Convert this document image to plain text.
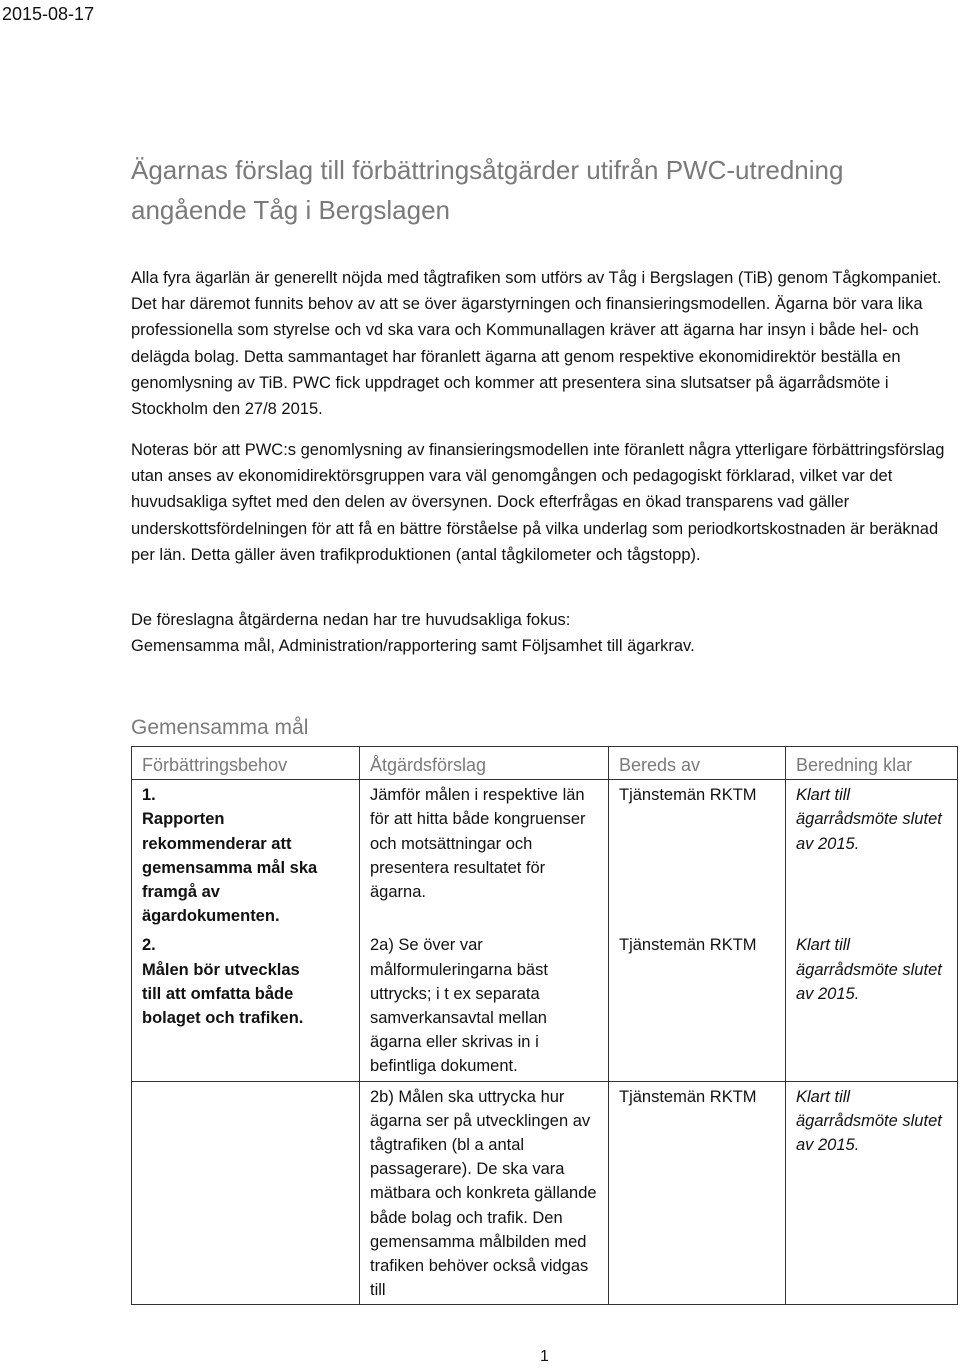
2015-08-17
Ägarnas förslag till förbättringsåtgärder utifrån PWC-utredning angående Tåg i Bergslagen

Alla fyra ägarlän är generellt nöjda med tågtrafiken som utförs av Tåg i Bergslagen (TiB) genom Tågkompaniet. Det har däremot funnits behov av att se över ägarstyrningen och finansieringsmodellen. Ägarna bör vara lika professionella som styrelse och vd ska vara och Kommunallagen kräver att ägarna har insyn i både hel- och delägda bolag. Detta sammantaget har föranlett ägarna att genom respektive ekonomidirektör beställa en genomlysning av TiB. PWC fick uppdraget och kommer att presentera sina slutsatser på ägarrådsmöte i Stockholm den 27/8 2015.

Noteras bör att PWC:s genomlysning av finansieringsmodellen inte föranlett några ytterligare förbättringsförslag utan anses av ekonomidirektörsgruppen vara väl genomgången och pedagogiskt förklarad, vilket var det huvudsakliga syftet med den delen av översynen. Dock efterfrågas en ökad transparens vad gäller underskottsfördelningen för att få en bättre förståelse på vilka underlag som periodkortskostnaden är beräknad per län. Detta gäller även trafikproduktionen (antal tågkilometer och tågstopp).

De föreslagna åtgärderna nedan har tre huvudsakliga fokus:
Gemensamma mål, Administration/rapportering samt Följsamhet till ägarkrav.

Gemensamma mål
Förbättringsbehov	Åtgärdsförslag	Bereds av	Beredning klar
1.Rapporten rekommenderar att gemensamma mål ska framgå av ägardokumenten.	Jämför målen i respektive län för att hitta både kongruenser och motsättningar och presentera resultatet för ägarna.	Tjänstemän RKTM	Klart till ägarrådsmöte slutet av 2015.
2.Målen bör utvecklas till att omfatta både bolaget och trafiken.	2a) Se över var målformuleringarna bäst uttrycks; i t ex separata samverkansavtal mellan ägarna eller skrivas in i befintliga dokument.	Tjänstemän RKTM	Klart till ägarrådsmöte slutet av 2015.
	2b) Målen ska uttrycka hur ägarna ser på utvecklingen av tågtrafiken (bl a antal passagerare). De ska vara mätbara och konkreta gällande både bolag och trafik. Den gemensamma målbilden med trafiken behöver också vidgas till	Tjänstemän RKTM	Klart till ägarrådsmöte slutet av 2015.
1
